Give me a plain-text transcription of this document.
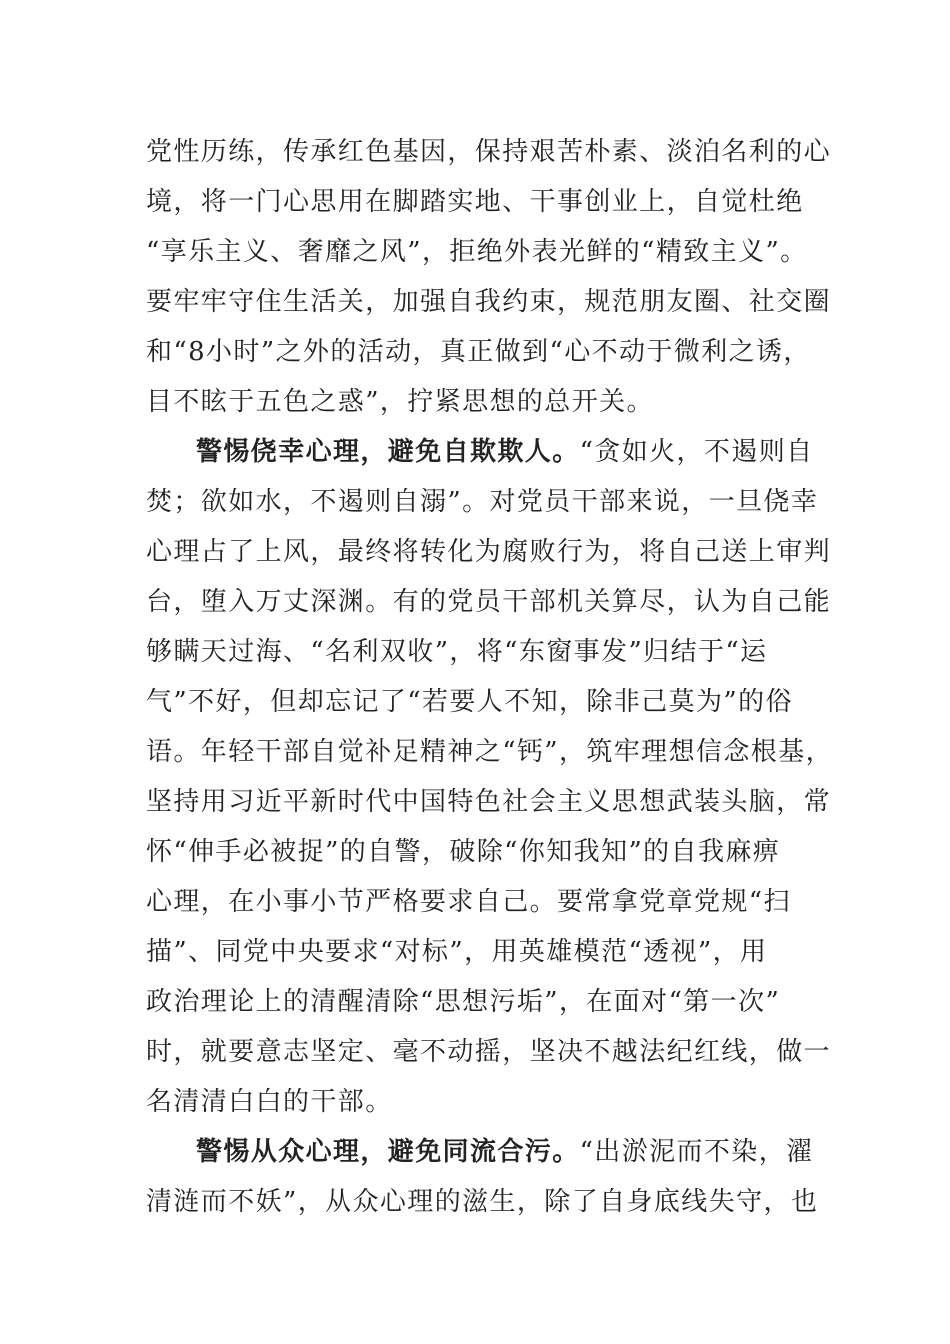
党性历练，传承红色基因，保持艰苦朴素、淡泊名利的心
境，将一门心思用在脚踏实地、干事创业上，自觉杜绝
“享乐主义、奢靡之风”，拒绝外表光鲜的“精致主义”。
要牢牢守住生活关，加强自我约束，规范朋友圈、社交圈
和“8小时”之外的活动，真正做到“心不动于微利之诱，
目不眩于五色之惑”，拧紧思想的总开关。
警惕侥幸心理，避免自欺欺人。“贪如火，不遏则自
焚；欲如水，不遏则自溺”。对党员干部来说，一旦侥幸
心理占了上风，最终将转化为腐败行为，将自己送上审判
台，堕入万丈深渊。有的党员干部机关算尽，认为自己能
够瞒天过海、“名利双收”，将“东窗事发”归结于“运
气”不好，但却忘记了“若要人不知，除非己莫为”的俗
语。年轻干部自觉补足精神之“钙”，筑牢理想信念根基，
坚持用习近平新时代中国特色社会主义思想武装头脑，常
怀“伸手必被捉”的自警，破除“你知我知”的自我麻痹
心理，在小事小节严格要求自己。要常拿党章党规“扫
描”、同党中央要求“对标”，用英雄模范“透视”，用
政治理论上的清醒清除“思想污垢”，在面对“第一次”
时，就要意志坚定、毫不动摇，坚决不越法纪红线，做一
名清清白白的干部。
警惕从众心理，避免同流合污。“出淤泥而不染，濯
清涟而不妖”，从众心理的滋生，除了自身底线失守，也
